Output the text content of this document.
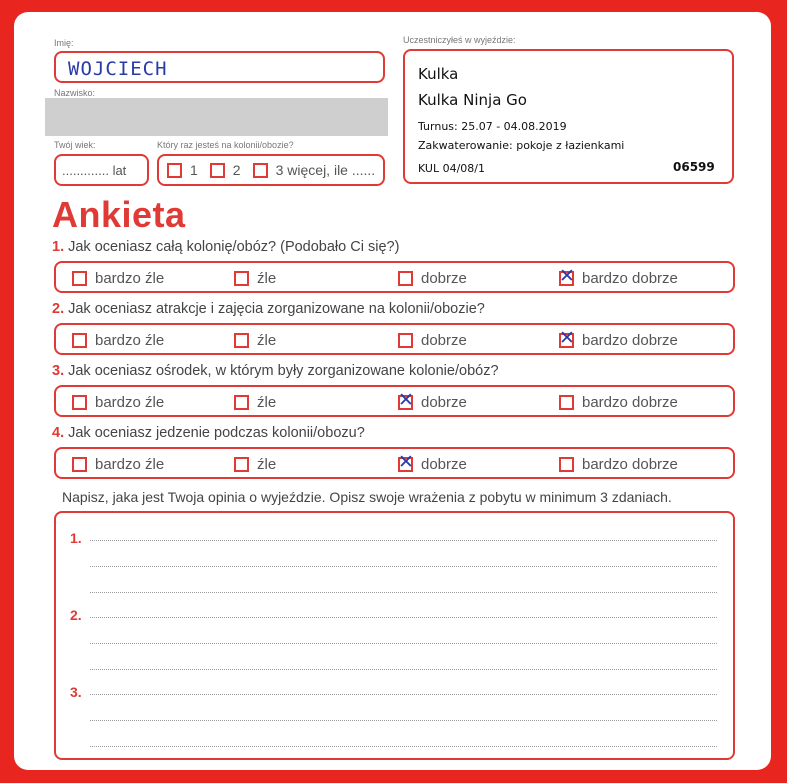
Imię:
WOJCIECH
Nazwisko:
Twój wiek:
............. lat
Który raz jesteś na kolonii/obozie?
1	2	3 więcej, ile ......
Uczestniczyłeś w wyjeździe:
Kulka
Kulka Ninja Go
Turnus: 25.07 - 04.08.2019
Zakwaterowanie: pokoje z łazienkami
KUL 04/08/1	06599
Ankieta
1. Jak oceniasz całą kolonię/obóz? (Podobało Ci się?)
bardzo źle	źle	dobrze	✕ bardzo dobrze
2. Jak oceniasz atrakcje i zajęcia zorganizowane na kolonii/obozie?
bardzo źle	źle	dobrze	✕ bardzo dobrze
3. Jak oceniasz ośrodek, w którym były zorganizowane kolonie/obóz?
bardzo źle	źle	✕ dobrze	bardzo dobrze
4. Jak oceniasz jedzenie podczas kolonii/obozu?
bardzo źle	źle	✕ dobrze	bardzo dobrze
Napisz, jaka jest Twoja opinia o wyjeździe. Opisz swoje wrażenia z pobytu w minimum 3 zdaniach.
1.
2.
3.
